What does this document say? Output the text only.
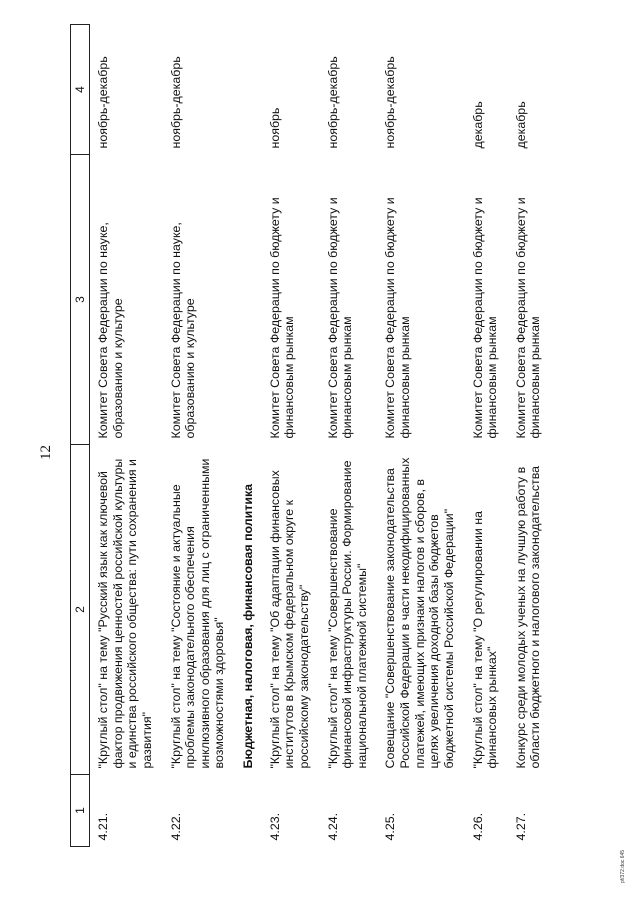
12
1	2	3	4
4.21.	"Круглый стол" на тему "Русский язык как ключевой фактор продвижения ценностей российской культуры и единства российского общества: пути сохранения и развития"	Комитет Совета Федерации по науке, образованию и культуре	ноябрь-декабрь
4.22.	"Круглый стол" на тему "Состояние и актуальные проблемы законодательного обеспечения инклюзивного образования для лиц с ограниченными возможностями здоровья"	Комитет Совета Федерации по науке, образованию и культуре	ноябрь-декабрь
	Бюджетная, налоговая, финансовая политика		
4.23.	"Круглый стол" на тему "Об адаптации финансовых институтов в Крымском федеральном округе к российскому законодательству"	Комитет Совета Федерации по бюджету и финансовым рынкам	ноябрь
4.24.	"Круглый стол" на тему "Совершенствование финансовой инфраструктуры России. Формирование национальной платежной системы"	Комитет Совета Федерации по бюджету и финансовым рынкам	ноябрь-декабрь
4.25.	Совещание "Совершенствование законодательства Российской Федерации в части некодифицированных платежей, имеющих признаки налогов и сборов, в целях увеличения доходной базы бюджетов бюджетной системы Российской Федерации"	Комитет Совета Федерации по бюджету и финансовым рынкам	ноябрь-декабрь
4.26.	"Круглый стол" на тему "О регулировании на финансовых рынках"	Комитет Совета Федерации по бюджету и финансовым рынкам	декабрь
4.27.	Конкурс среди молодых ученых на лучшую работу в области бюджетного и налогового законодательства	Комитет Совета Федерации по бюджету и финансовым рынкам	декабрь
pf/372.doc 645
